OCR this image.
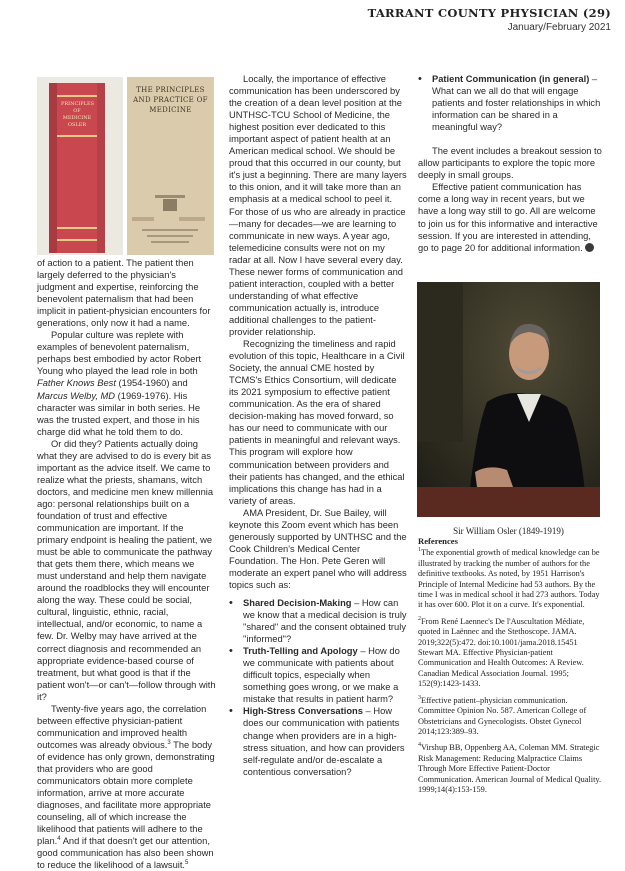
TARRANT COUNTY PHYSICIAN (29)
January/February 2021
PRINCIPLES OF MEDICINE OSLER
THE PRINCIPLES AND PRACTICE OF MEDICINE

of action to a patient. The patient then largely deferred to the physician's judgment and expertise, reinforcing the benevolent paternalism that had been implicit in patient-physician encounters for generations, only now it had a name.

Popular culture was replete with examples of benevolent paternalism, perhaps best embodied by actor Robert Young who played the lead role in both Father Knows Best (1954-1960) and Marcus Welby, MD (1969-1976). His character was similar in both series. He was the trusted expert, and those in his charge did what he told them to do.

Or did they? Patients actually doing what they are advised to do is every bit as important as the advice itself. We came to realize what the priests, shamans, witch doctors, and medicine men knew millennia ago: personal relationships built on a foundation of trust and effective communication are important. If the primary endpoint is healing the patient, we must be able to communicate the pathway that gets them there, which means we must understand and help them navigate around the roadblocks they will encounter along the way. These could be social, cultural, linguistic, ethnic, racial, intellectual, and/or economic, to name a few. Dr. Welby may have arrived at the correct diagnosis and recommended an appropriate evidence-based course of treatment, but what good is that if the patient won't—or can't—follow through with it?

Twenty-five years ago, the correlation between effective physician-patient communication and improved health outcomes was already obvious.$^3$ The body of evidence has only grown, demonstrating that providers who are good communicators obtain more complete information, arrive at more accurate diagnoses, and facilitate more appropriate counseling, all of which increase the likelihood that patients will adhere to the plan.$^4$ And if that doesn't get our attention, good communication has also been shown to reduce the likelihood of a lawsuit.$^5$

Locally, the importance of effective communication has been underscored by the creation of a dean level position at the UNTHSC-TCU School of Medicine, the highest position ever dedicated to this important aspect of patient health at an American medical school. We should be proud that this occurred in our county, but it's just a beginning. There are many layers to this onion, and it will take more than an emphasis at a medical school to peel it. For those of us who are already in practice—many for decades—we are learning to communicate in new ways. A year ago, telemedicine consults were not on my radar at all. Now I have several every day. These newer forms of communication and patient interaction, coupled with a better understanding of what effective communication actually is, introduce additional challenges to the patient-provider relationship.

Recognizing the timeliness and rapid evolution of this topic, Healthcare in a Civil Society, the annual CME hosted by TCMS's Ethics Consortium, will dedicate its 2021 symposium to effective patient communication. As the era of shared decision-making has moved forward, so has our need to communicate with our patients in meaningful and relevant ways. This program will explore how communication between providers and their patients has changed, and the ethical implications this change has had in a variety of areas.

AMA President, Dr. Sue Bailey, will keynote this Zoom event which has been generously supported by UNTHSC and the Cook Children's Medical Center Foundation. The Hon. Pete Geren will moderate an expert panel who will address topics such as:

• Shared Decision-Making – How can we know that a medical decision is truly "shared" and the consent obtained truly "informed"?
• Truth-Telling and Apology – How do we communicate with patients about difficult topics, especially when something goes wrong, or we make a mistake that results in patient harm?
• High-Stress Conversations – How does our communication with patients change when providers are in a high-stress situation, and how can providers self-regulate and/or de-escalate a contentious conversation?
• Patient Communication (in general) – What can we all do that will engage patients and foster relationships in which information can be shared in a meaningful way?

The event includes a breakout session to allow participants to explore the topic more deeply in small groups.

Effective patient communication has come a long way in recent years, but we have a long way still to go. All are welcome to join us for this informative and interactive session. If you are interested in attending, go to page 20 for additional information.

Sir William Osler (1849-1919)
References

$^1$The exponential growth of medical knowledge can be illustrated by tracking the number of authors for the definitive textbooks. As noted, by 1951 Harrison's Principle of Internal Medicine had 53 authors. By the time I was in medical school it had 273 authors. Today it has over 600. Plot it on a curve. It's exponential.

$^2$From René Laennec's De l'Auscultation Médiate, quoted in Laënnec and the Stethoscope. JAMA. 2019;322(5):472. doi:10.1001/jama.2018.15451 Stewart MA. Effective Physician-patient Communication and Health Outcomes: A Review. Canadian Medical Association Journal. 1995; 152(9):1423-1433.

$^3$Effective patient–physician communication. Committee Opinion No. 587. American College of Obstetricians and Gynecologists. Obstet Gynecol 2014;123:389–93.

$^4$Virshup BB, Oppenberg AA, Coleman MM. Strategic Risk Management: Reducing Malpractice Claims Through More Effective Patient-Doctor Communication. American Journal of Medical Quality. 1999;14(4):153-159.
